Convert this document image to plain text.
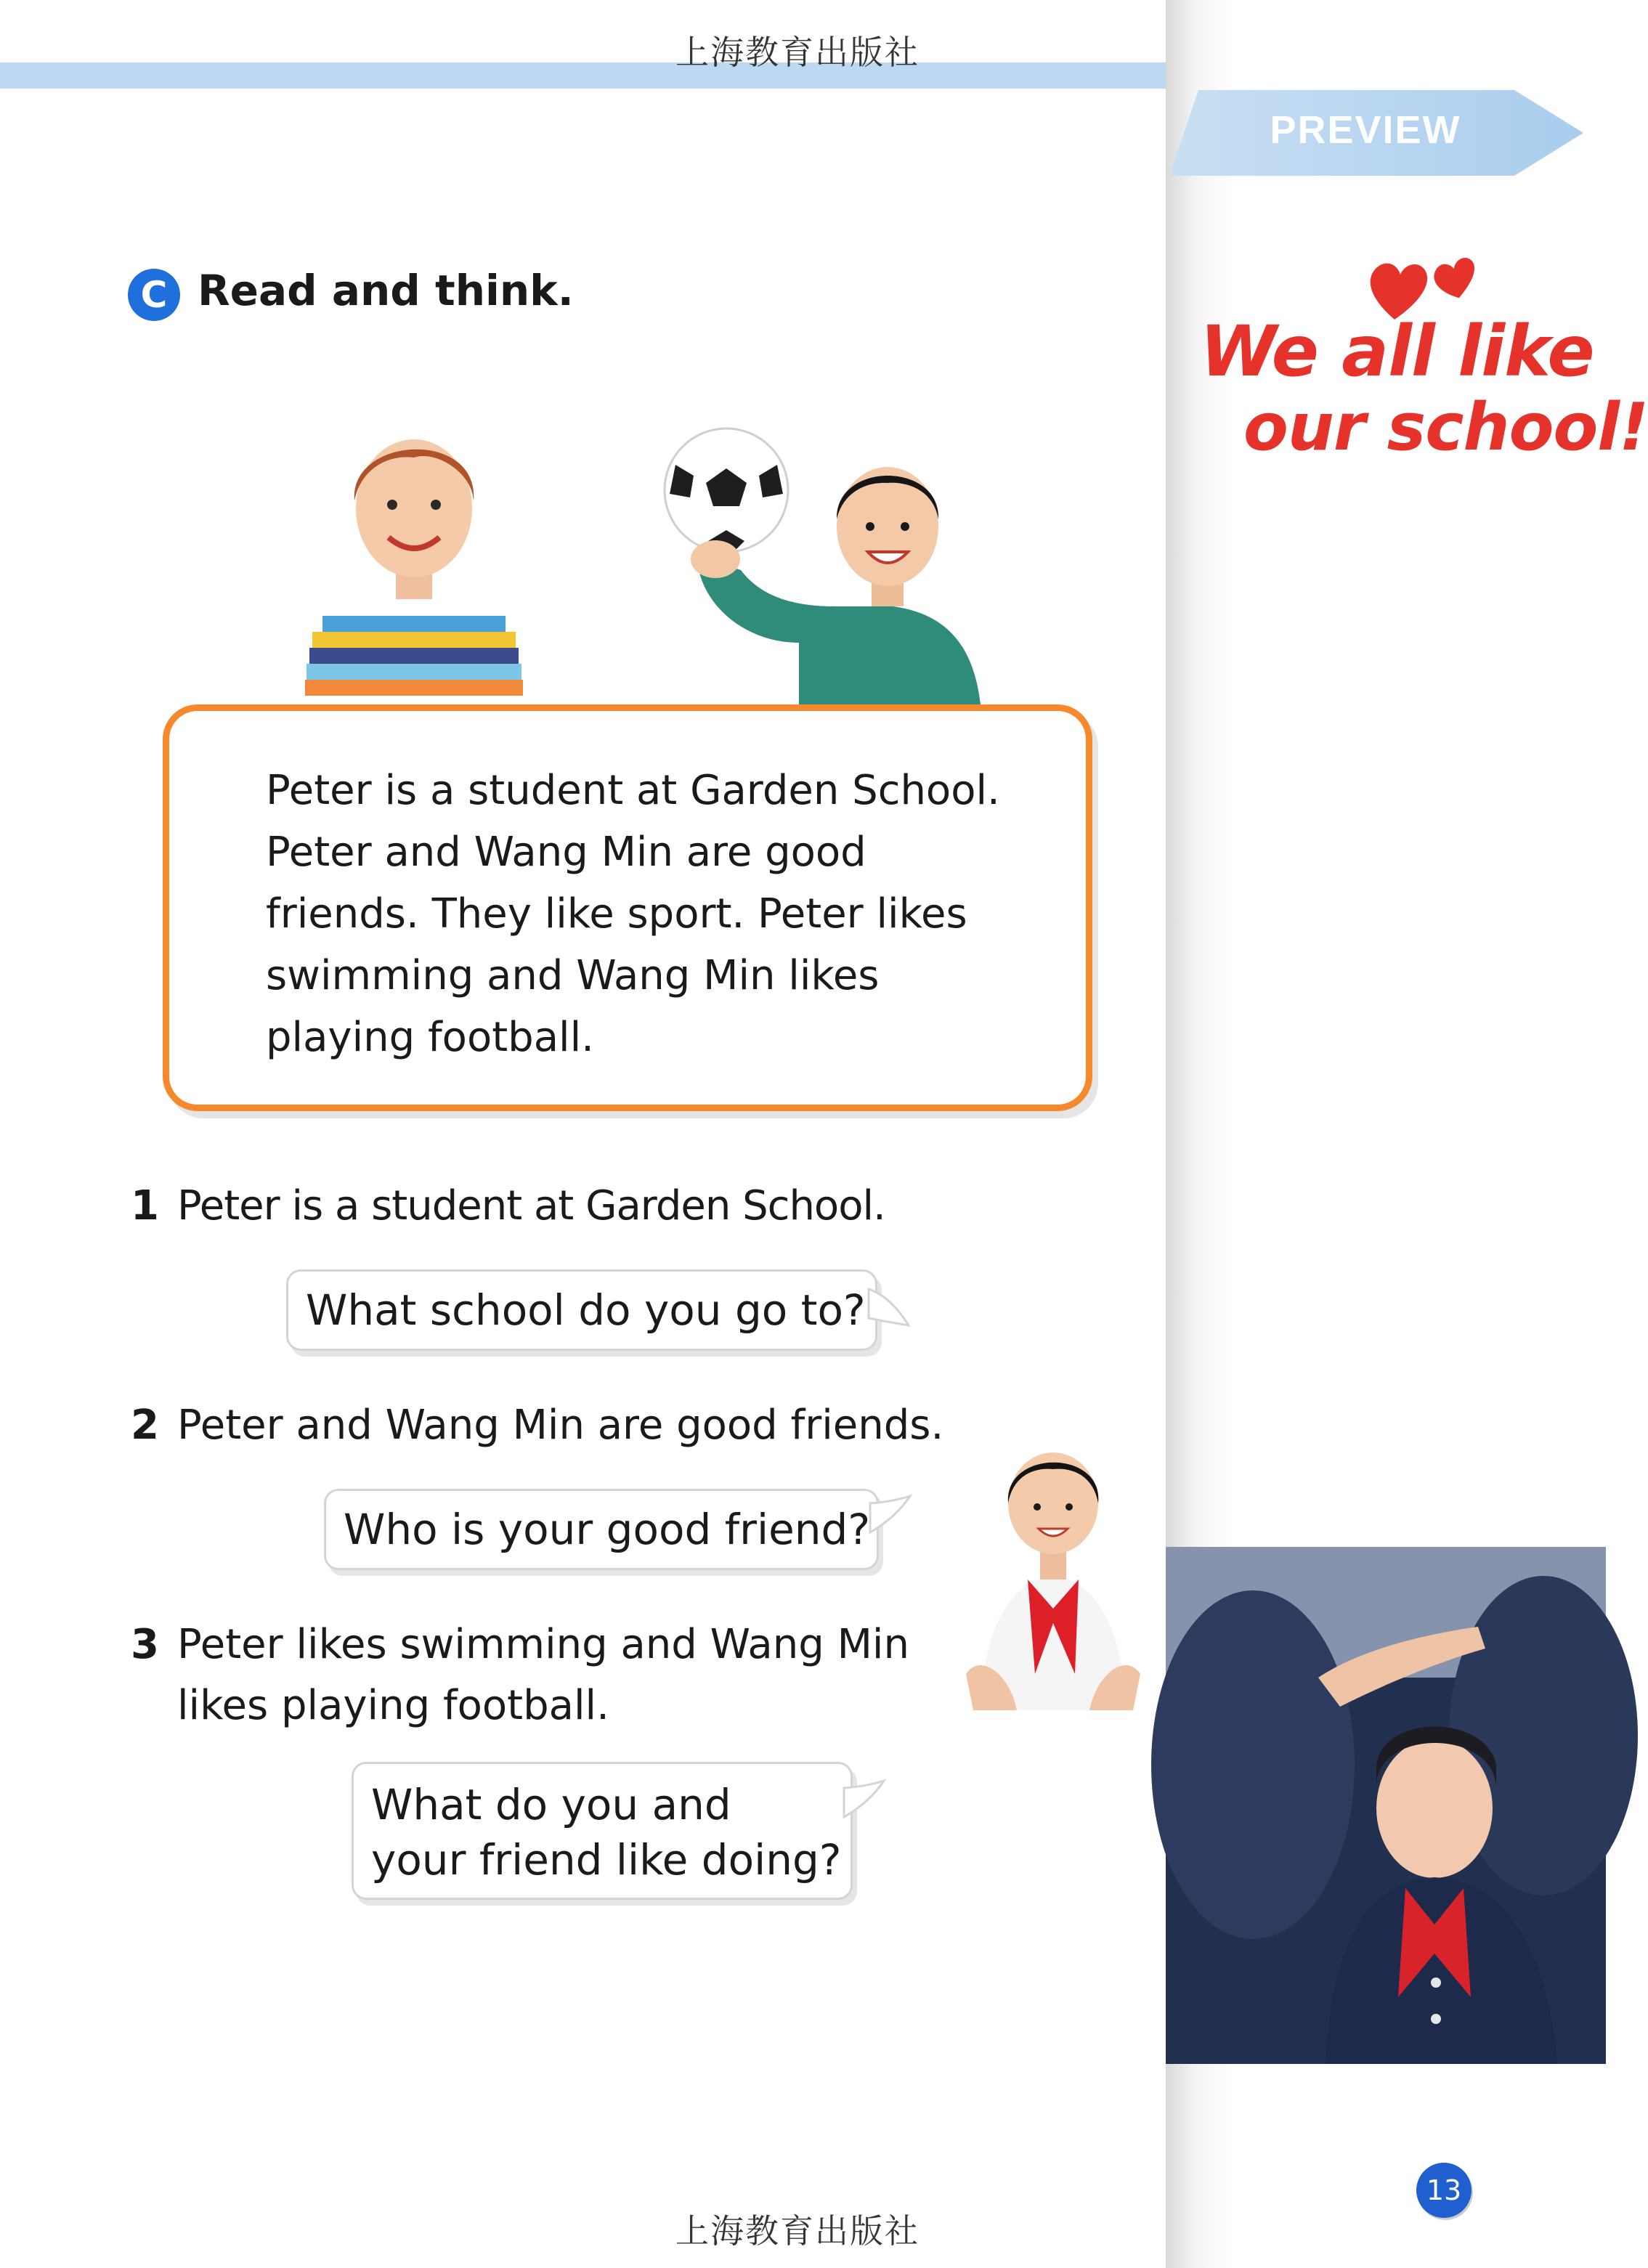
上海教育出版社
PREVIEW
We all like
our school!
13
C Read and think.
Peter is a student at Garden School.
Peter and Wang Min are good
friends. They like sport. Peter likes
swimming and Wang Min likes
playing football.
1 Peter is a student at Garden School.
What school do you go to?
2 Peter and Wang Min are good friends.
Who is your good friend?
3 Peter likes swimming and Wang Min
likes playing football.
What do you and
your friend like doing?
上海教育出版社
